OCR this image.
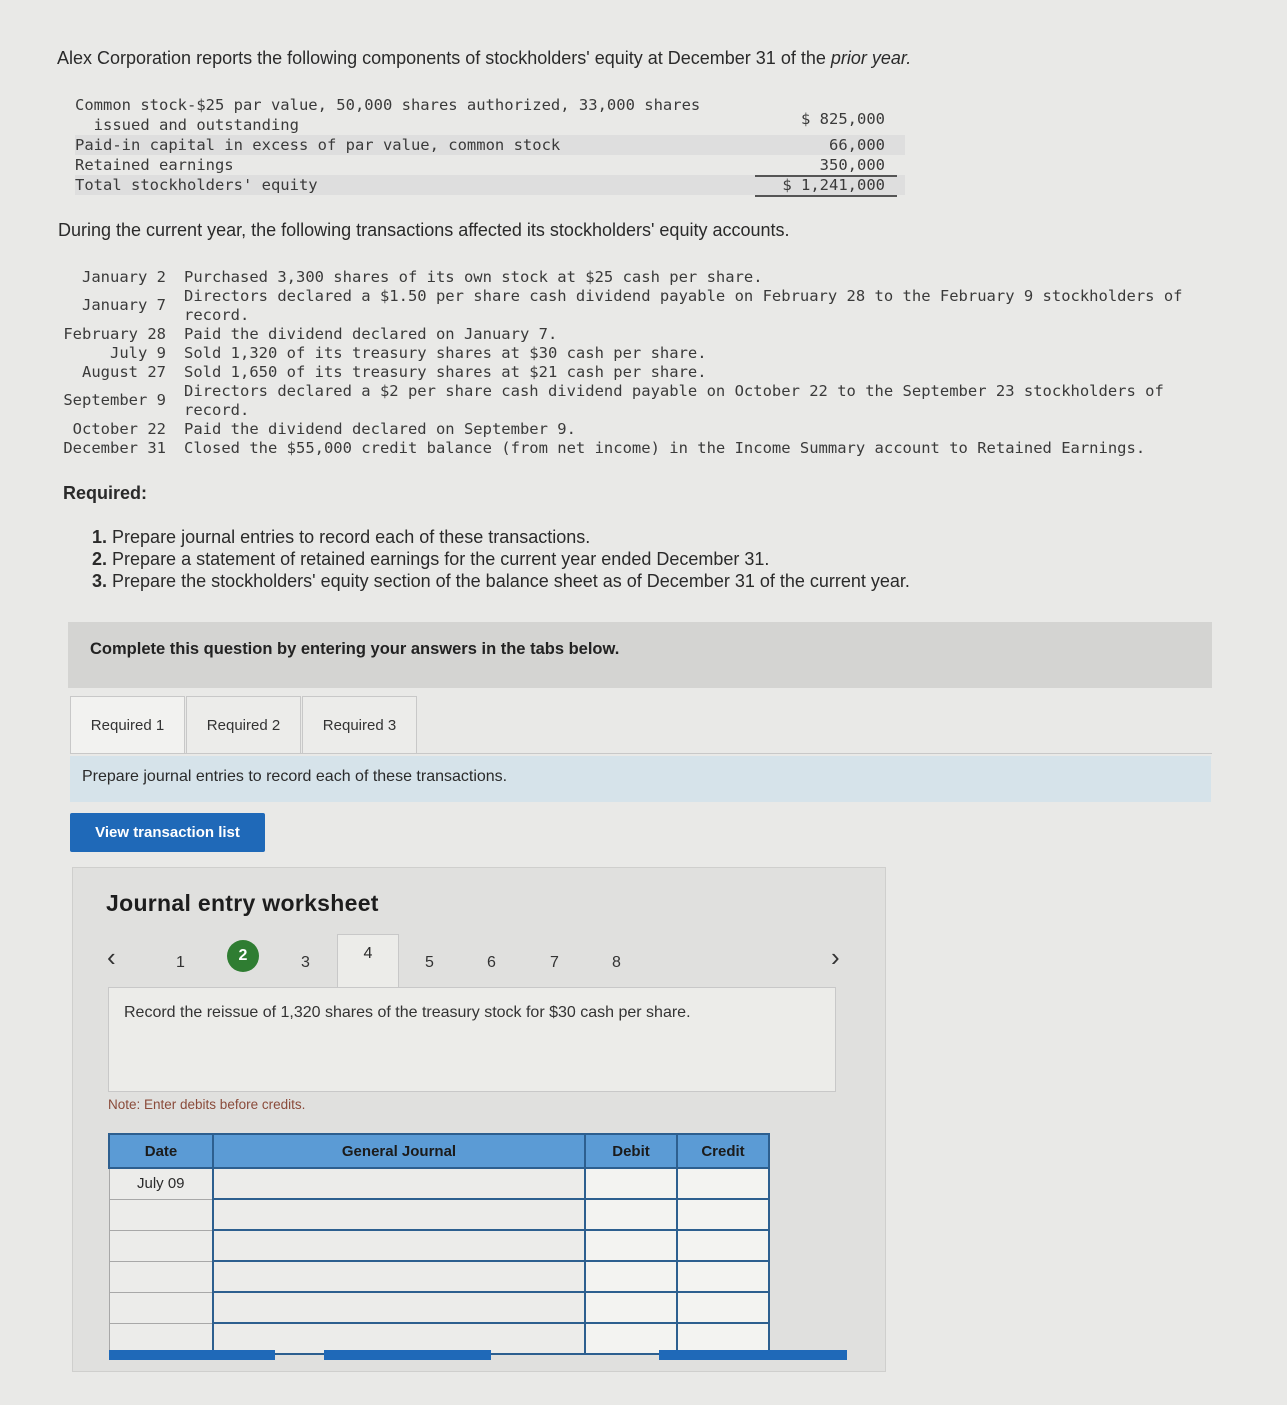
Alex Corporation reports the following components of stockholders' equity at December 31 of the prior year.
Common stock-$25 par value, 50,000 shares authorized, 33,000 shares
issued and outstanding	$ 825,000
Paid-in capital in excess of par value, common stock	66,000
Retained earnings	350,000
Total stockholders' equity	$ 1,241,000
During the current year, the following transactions affected its stockholders' equity accounts.
January 2 Purchased 3,300 shares of its own stock at $25 cash per share.
January 7 Directors declared a $1.50 per share cash dividend payable on February 28 to the February 9 stockholders of
record.
February 28 Paid the dividend declared on January 7.
July 9 Sold 1,320 of its treasury shares at $30 cash per share.
August 27 Sold 1,650 of its treasury shares at $21 cash per share.
September 9 Directors declared a $2 per share cash dividend payable on October 22 to the September 23 stockholders of
record.
October 22 Paid the dividend declared on September 9.
December 31 Closed the $55,000 credit balance (from net income) in the Income Summary account to Retained Earnings.
Required:
1. Prepare journal entries to record each of these transactions.
2. Prepare a statement of retained earnings for the current year ended December 31.
3. Prepare the stockholders' equity section of the balance sheet as of December 31 of the current year.
Complete this question by entering your answers in the tabs below.
Required 1	Required 2	Required 3
Prepare journal entries to record each of these transactions.
View transaction list
Journal entry worksheet
‹	1	2	3
4
5	6	7	8	›
Record the reissue of 1,320 shares of the treasury stock for $30 cash per share.
Note: Enter debits before credits.
Date	General Journal	Debit	Credit
July 09			
